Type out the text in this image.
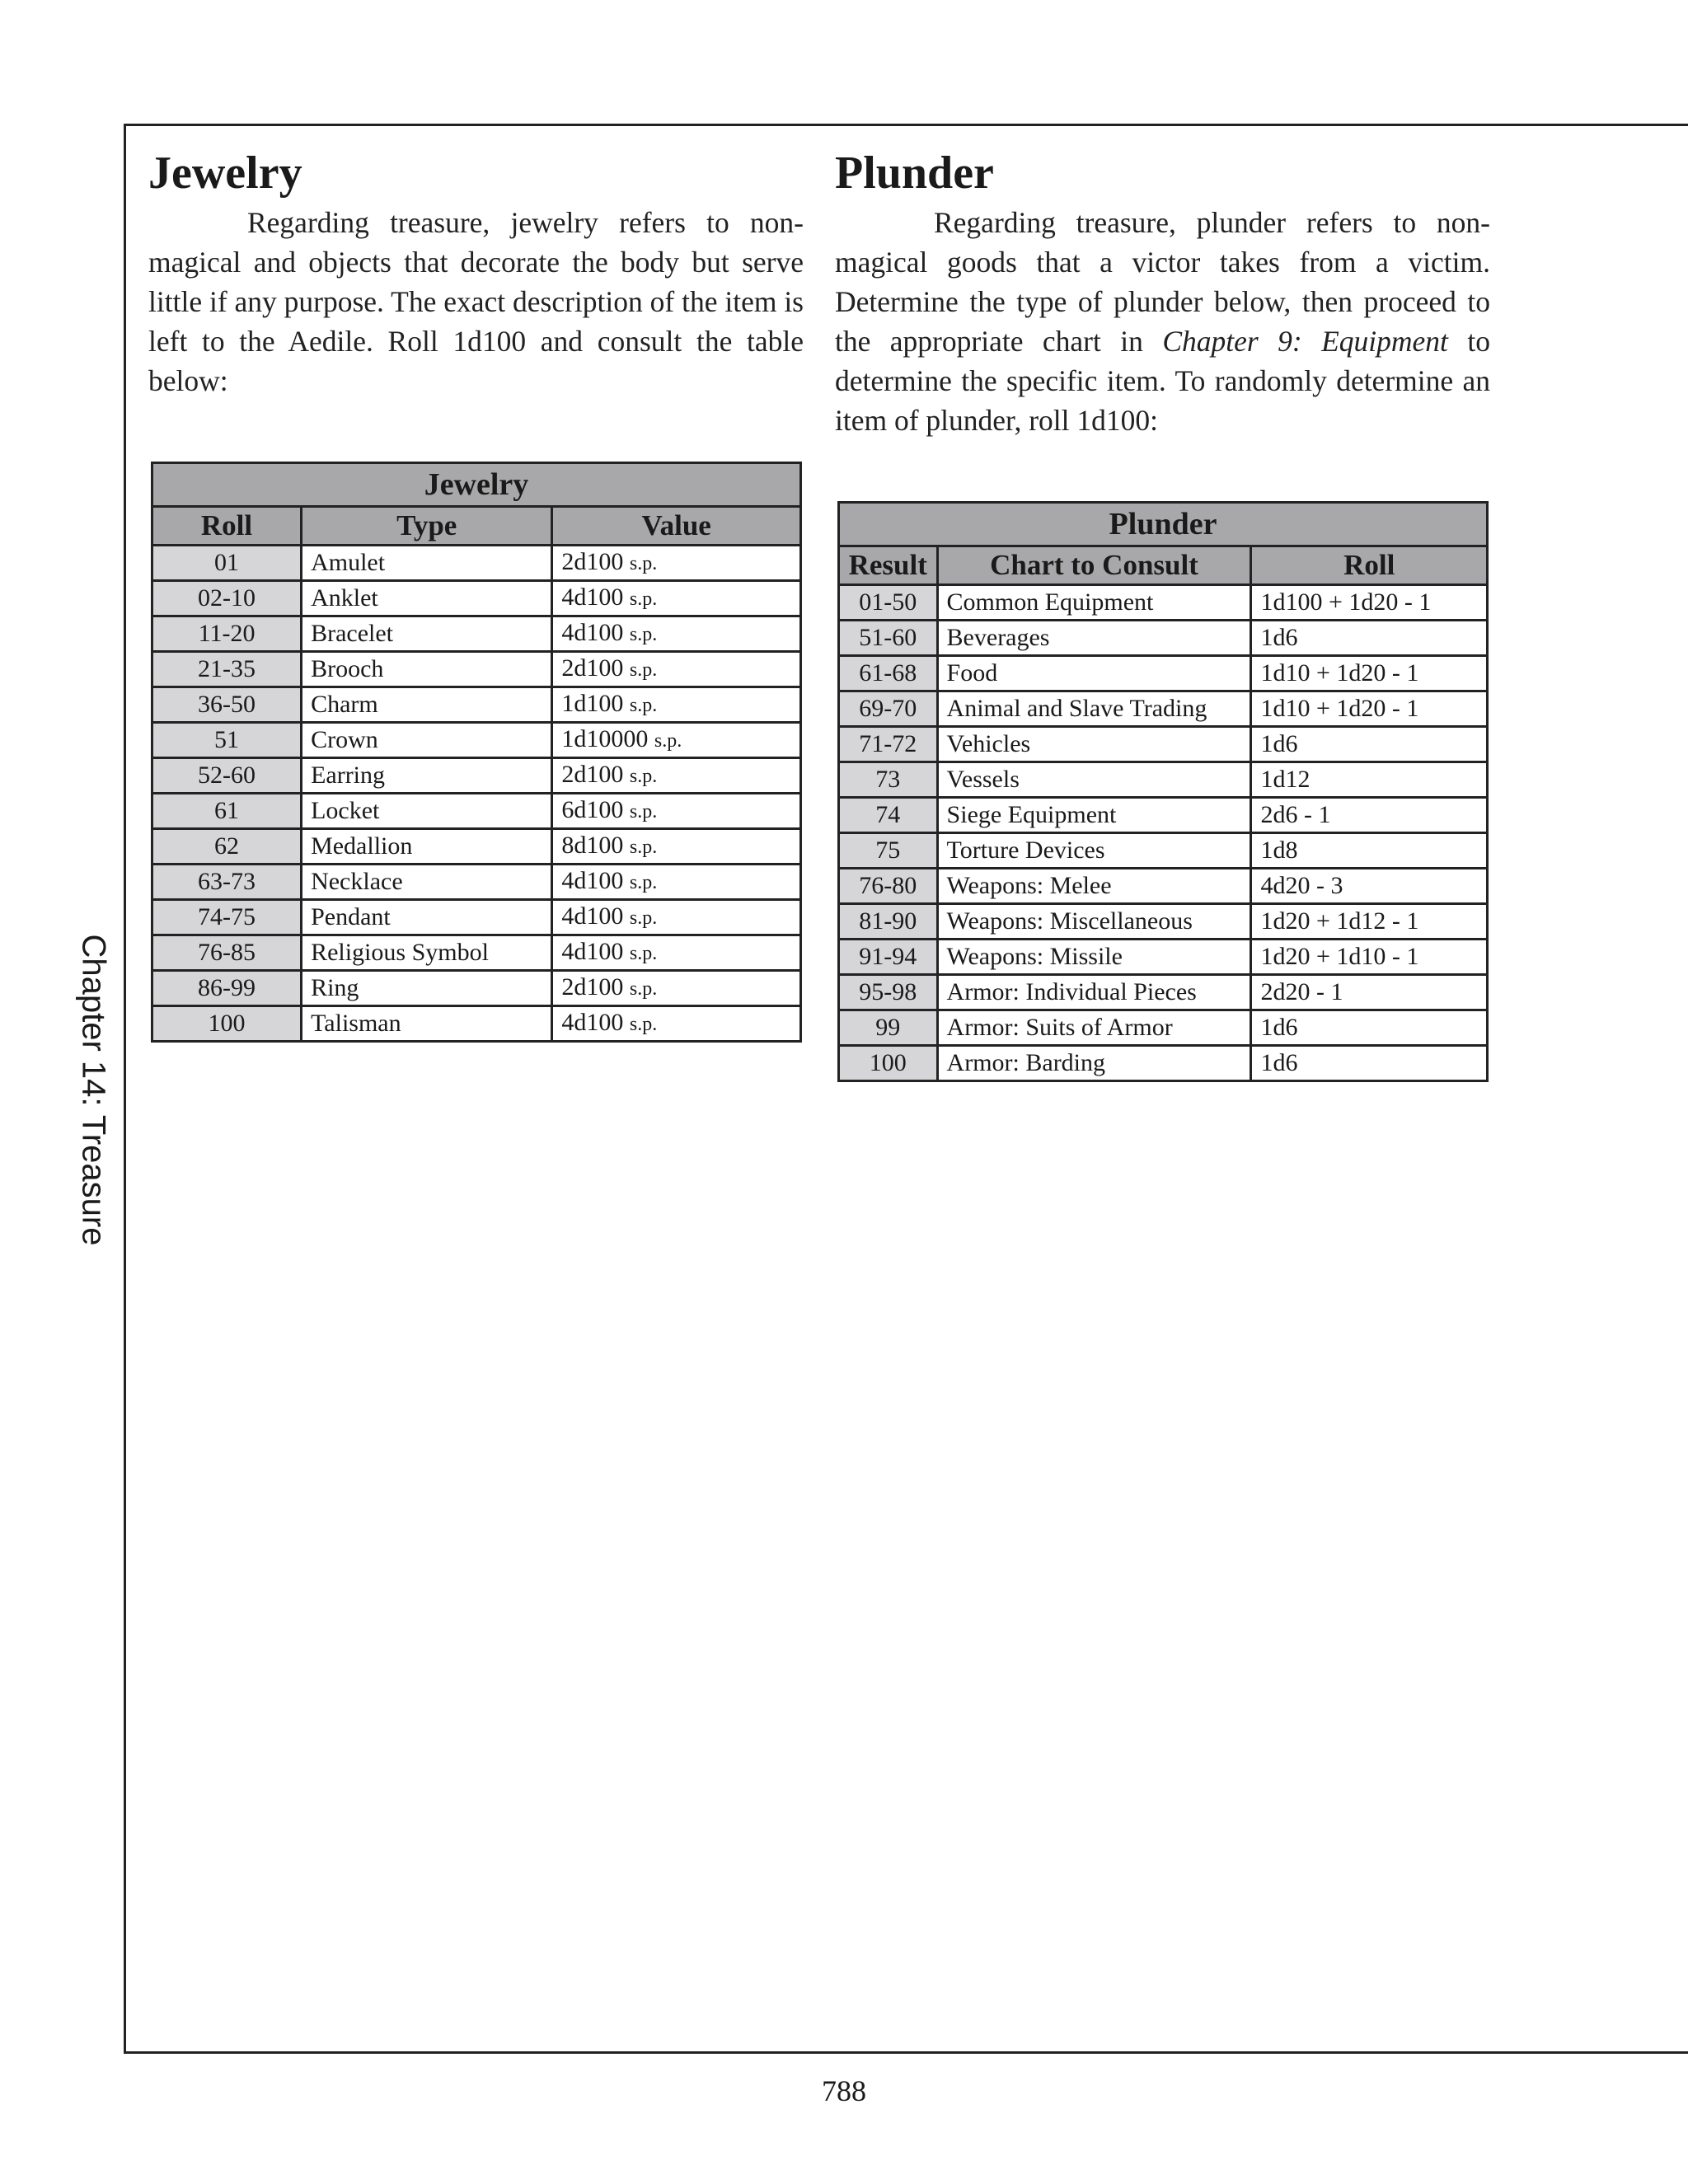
Chapter 14: Treasure
Jewelry

Regarding treasure, jewelry refers to non-magical and objects that decorate the body but serve little if any purpose. The exact description of the item is left to the Aedile. Roll 1d100 and consult the table below:

Jewelry		
Roll	Type	Value
01	Amulet	2d100 s.p.
02-10	Anklet	4d100 s.p.
11-20	Bracelet	4d100 s.p.
21-35	Brooch	2d100 s.p.
36-50	Charm	1d100 s.p.
51	Crown	1d10000 s.p.
52-60	Earring	2d100 s.p.
61	Locket	6d100 s.p.
62	Medallion	8d100 s.p.
63-73	Necklace	4d100 s.p.
74-75	Pendant	4d100 s.p.
76-85	Religious Symbol	4d100 s.p.
86-99	Ring	2d100 s.p.
100	Talisman	4d100 s.p.
Plunder

Regarding treasure, plunder refers to non-magical goods that a victor takes from a victim. Determine the type of plunder below, then proceed to the appropriate chart in Chapter 9: Equipment to determine the specific item. To randomly determine an item of plunder, roll 1d100:

Plunder		
Result	Chart to Consult	Roll
01-50	Common Equipment	1d100 + 1d20 - 1
51-60	Beverages	1d6
61-68	Food	1d10 + 1d20 - 1
69-70	Animal and Slave Trading	1d10 + 1d20 - 1
71-72	Vehicles	1d6
73	Vessels	1d12
74	Siege Equipment	2d6 - 1
75	Torture Devices	1d8
76-80	Weapons: Melee	4d20 - 3
81-90	Weapons: Miscellaneous	1d20 + 1d12 - 1
91-94	Weapons: Missile	1d20 + 1d10 - 1
95-98	Armor: Individual Pieces	2d20 - 1
99	Armor: Suits of Armor	1d6
100	Armor: Barding	1d6
788
